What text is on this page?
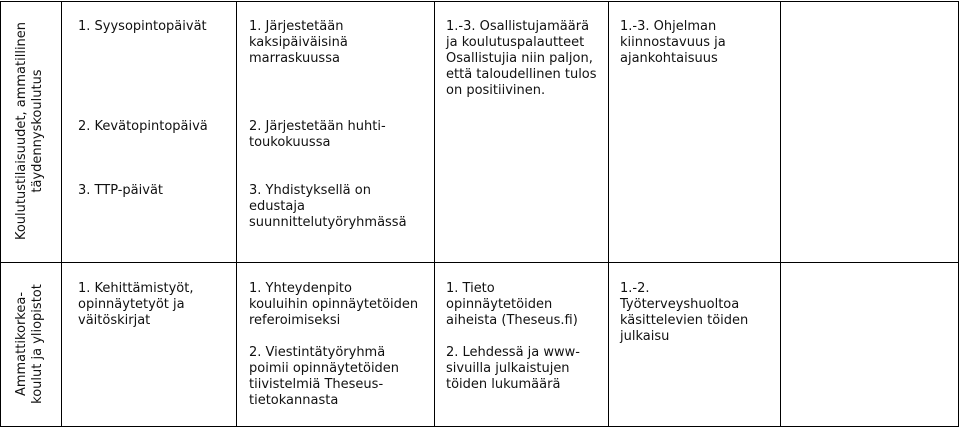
Koulutustilaisuudet, ammatillinen
täydennyskoulutus
1. Syysopintopäivät
2. Kevätopintopäivä
3. TTP-päivät
1. Järjestetään
kaksipäiväisinä
marraskuussa
2. Järjestetään huhti-
toukokuussa
3. Yhdistyksellä on
edustaja
suunnittelutyöryhmässä
1.-3. Osallistujamäärä
ja koulutuspalautteet
Osallistujia niin paljon,
että taloudellinen tulos
on positiivinen.
1.-3. Ohjelman
kiinnostavuus ja
ajankohtaisuus
Ammattikorkea-
koulut ja yliopistot	1. Kehittämistyöt,
opinnäytetyöt ja
väitöskirjat
1. Yhteydenpito
kouluihin opinnäytetöiden
referoimiseksi
2. Viestintätyöryhmä
poimii opinnäytetöiden
tiivistelmiä Theseus-
tietokannasta
1. Tieto
opinnäytetöiden
aiheista (Theseus.fi)
2. Lehdessä ja www-
sivuilla julkaistujen
töiden lukumäärä
1.-2.
Työterveyshuoltoa
käsittelevien töiden
julkaisu
